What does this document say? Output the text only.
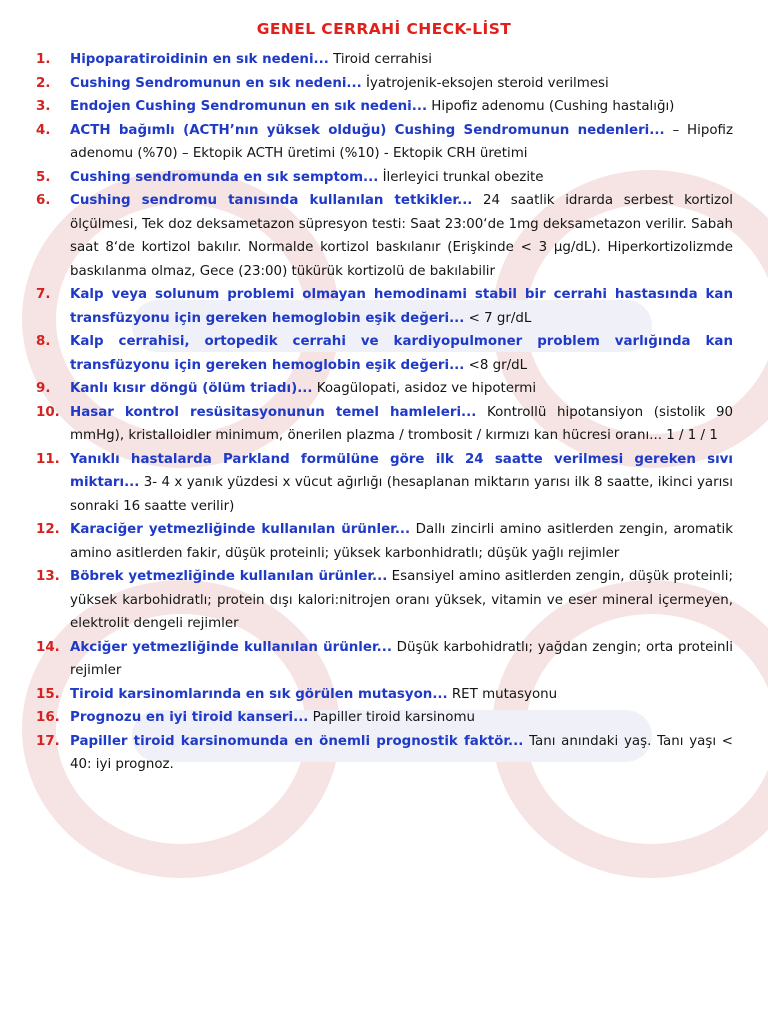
GENEL CERRAHİ CHECK-LİST
1.	Hipoparatiroidinin en sık nedeni... Tiroid cerrahisi
2.	Cushing Sendromunun en sık nedeni... İyatrojenik-eksojen steroid verilmesi
3.	Endojen Cushing Sendromunun en sık nedeni... Hipofiz adenomu (Cushing hastalığı)
4.	ACTH bağımlı (ACTH’nın yüksek olduğu) Cushing Sendromunun nedenleri... – Hipofiz adenomu (%70) – Ektopik ACTH üretimi (%10) - Ektopik CRH üretimi
5.	Cushing sendromunda en sık semptom... İlerleyici trunkal obezite
6.	Cushing sendromu tanısında kullanılan tetkikler... 24 saatlik idrarda serbest kortizol ölçülmesi, Tek doz deksametazon süpresyon testi: Saat 23:00‘de 1mg deksametazon verilir. Sabah saat 8‘de kortizol bakılır. Normalde kortizol baskılanır (Erişkinde < 3 µg/dL). Hiperkortizolizmde baskılanma olmaz, Gece (23:00) tükürük kortizolü de bakılabilir
7.	Kalp veya solunum problemi olmayan hemodinami stabil bir cerrahi hastasında kan transfüzyonu için gereken hemoglobin eşik değeri... < 7 gr/dL
8.	Kalp cerrahisi, ortopedik cerrahi ve kardiyopulmoner problem varlığında kan transfüzyonu için gereken hemoglobin eşik değeri... <8 gr/dL
9.	Kanlı kısır döngü (ölüm triadı)... Koagülopati, asidoz ve hipotermi
10. Hasar kontrol resüsitasyonunun temel hamleleri... Kontrollü hipotansiyon (sistolik 90 mmHg), kristalloidler minimum, önerilen plazma / trombosit / kırmızı kan hücresi oranı... 1 / 1 / 1
11. Yanıklı hastalarda Parkland formülüne göre ilk 24 saatte verilmesi gereken sıvı miktarı... 3- 4 x yanık yüzdesi x vücut ağırlığı (hesaplanan miktarın yarısı ilk 8 saatte, ikinci yarısı sonraki 16 saatte verilir)
12. Karaciğer yetmezliğinde kullanılan ürünler... Dallı zincirli amino asitlerden zengin, aromatik amino asitlerden fakir, düşük proteinli; yüksek karbonhidratlı; düşük yağlı rejimler
13. Böbrek yetmezliğinde kullanılan ürünler... Esansiyel amino asitlerden zengin, düşük proteinli; yüksek karbohidratlı; protein dışı kalori:nitrojen oranı yüksek, vitamin ve eser mineral içermeyen, elektrolit dengeli rejimler
14. Akciğer yetmezliğinde kullanılan ürünler... Düşük karbohidratlı; yağdan zengin; orta proteinli rejimler
15. Tiroid karsinomlarında en sık görülen mutasyon... RET mutasyonu
16. Prognozu en iyi tiroid kanseri... Papiller tiroid karsinomu
17. Papiller tiroid karsinomunda en önemli prognostik faktör... Tanı anındaki yaş. Tanı yaşı < 40: iyi prognoz.
